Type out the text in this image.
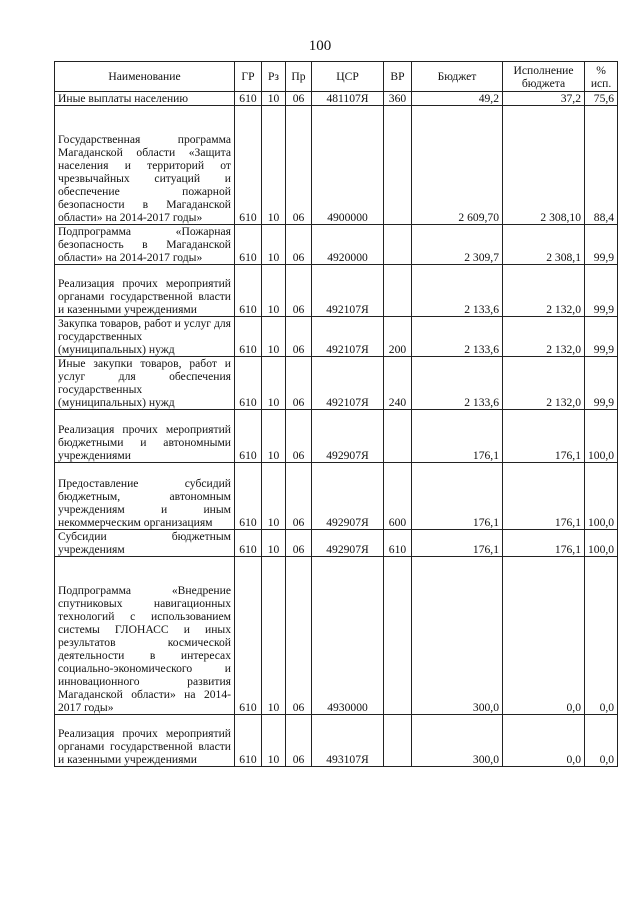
100
Наименование	ГР	Рз	Пр	ЦСР	ВР	Бюджет	Исполнение бюджета	% исп.
Иные выплаты населению	610	10	06	481107Я	360	49,2	37,2	75,6
Государственная программа Магаданской области «Защита населения и территорий от чрезвычайных ситуаций и обеспечение пожарной безопасности в Магаданской области» на 2014-2017 годы»	610	10	06	4900000		2 609,70	2 308,10	88,4
Подпрограмма «Пожарная безопасность в Магаданской области» на 2014-2017 годы»	610	10	06	4920000		2 309,7	2 308,1	99,9
Реализация прочих мероприятий органами государственной власти и казенными учреждениями	610	10	06	492107Я		2 133,6	2 132,0	99,9
Закупка товаров, работ и услуг для государственных (муниципальных) нужд	610	10	06	492107Я	200	2 133,6	2 132,0	99,9
Иные закупки товаров, работ и услуг для обеспечения государственных (муниципальных) нужд	610	10	06	492107Я	240	2 133,6	2 132,0	99,9
Реализация прочих мероприятий бюджетными и автономными учреждениями	610	10	06	492907Я		176,1	176,1	100,0
Предоставление субсидий бюджетным, автономным учреждениям и иным некоммерческим организациям	610	10	06	492907Я	600	176,1	176,1	100,0
Субсидии бюджетным учреждениям	610	10	06	492907Я	610	176,1	176,1	100,0
Подпрограмма «Внедрение спутниковых навигационных технологий с использованием системы ГЛОНАСС и иных результатов космической деятельности в интересах социально-экономического и инновационного развития Магаданской области» на 2014-2017 годы»	610	10	06	4930000		300,0	0,0	0,0
Реализация прочих мероприятий органами государственной власти и казенными учреждениями	610	10	06	493107Я		300,0	0,0	0,0
